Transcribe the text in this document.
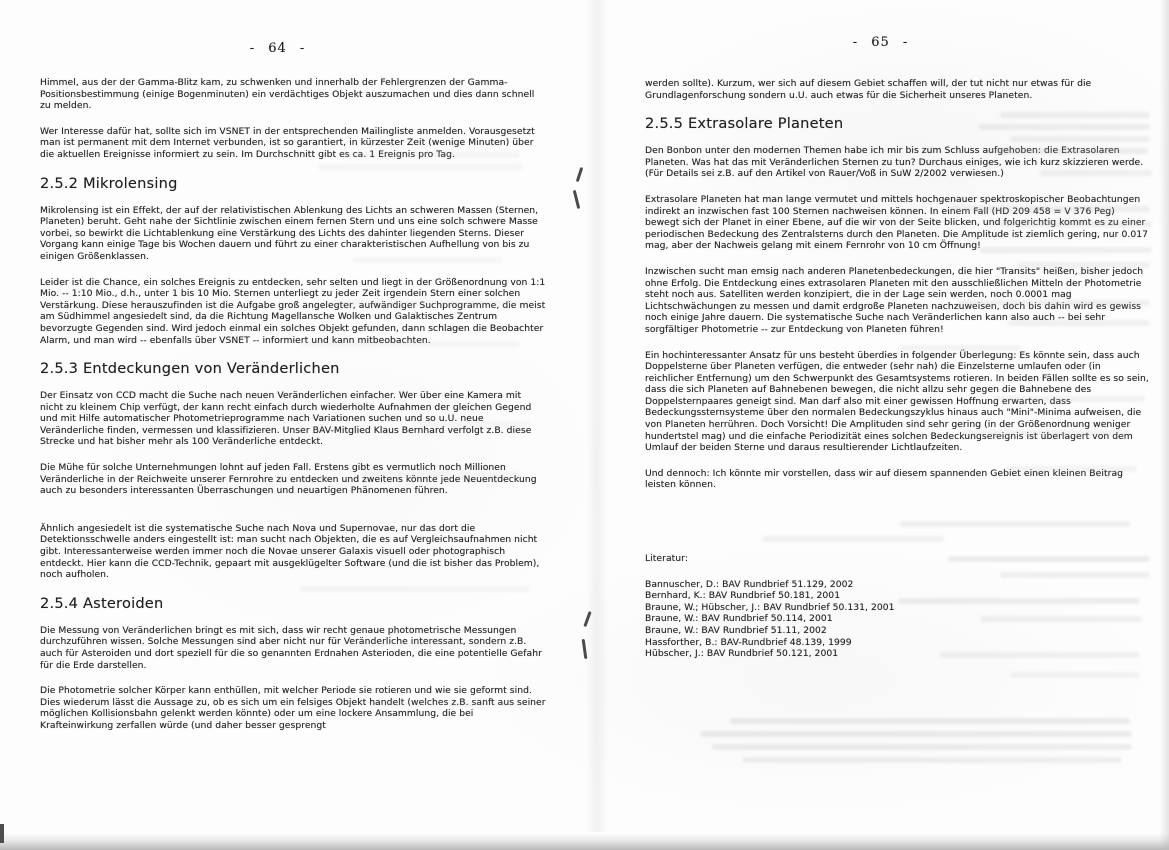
- 64 -
Himmel, aus der der Gamma-Blitz kam, zu schwenken und innerhalb der Fehlergrenzen der Gamma-Positionsbestimmung (einige Bogenminuten) ein verdächtiges Objekt auszumachen und dies dann schnell zu melden.
Wer Interesse dafür hat, sollte sich im VSNET in der entsprechenden Mailingliste anmelden. Vorausgesetzt man ist permanent mit dem Internet verbunden, ist so garantiert, in kürzester Zeit (wenige Minuten) über die aktuellen Ereignisse informiert zu sein. Im Durchschnitt gibt es ca. 1 Ereignis pro Tag.
2.5.2 Mikrolensing
Mikrolensing ist ein Effekt, der auf der relativistischen Ablenkung des Lichts an schweren Massen (Sternen, Planeten) beruht. Geht nahe der Sichtlinie zwischen einem fernen Stern und uns eine solch schwere Masse vorbei, so bewirkt die Lichtablenkung eine Verstärkung des Lichts des dahinter liegenden Sterns. Dieser Vorgang kann einige Tage bis Wochen dauern und führt zu einer charakteristischen Aufhellung von bis zu einigen Größenklassen.
Leider ist die Chance, ein solches Ereignis zu entdecken, sehr selten und liegt in der Größenordnung von 1:1 Mio. -- 1:10 Mio., d.h., unter 1 bis 10 Mio. Sternen unterliegt zu jeder Zeit irgendein Stern einer solchen Verstärkung. Diese herauszufinden ist die Aufgabe groß angelegter, aufwändiger Suchprogramme, die meist am Südhimmel angesiedelt sind, da die Richtung Magellansche Wolken und Galaktisches Zentrum bevorzugte Gegenden sind. Wird jedoch einmal ein solches Objekt gefunden, dann schlagen die Beobachter Alarm, und man wird -- ebenfalls über VSNET -- informiert und kann mitbeobachten.
2.5.3 Entdeckungen von Veränderlichen
Der Einsatz von CCD macht die Suche nach neuen Veränderlichen einfacher. Wer über eine Kamera mit nicht zu kleinem Chip verfügt, der kann recht einfach durch wiederholte Aufnahmen der gleichen Gegend und mit Hilfe automatischer Photometrieprogramme nach Variationen suchen und so u.U. neue Veränderliche finden, vermessen und klassifizieren. Unser BAV-Mitglied Klaus Bernhard verfolgt z.B. diese Strecke und hat bisher mehr als 100 Veränderliche entdeckt.
Die Mühe für solche Unternehmungen lohnt auf jeden Fall. Erstens gibt es vermutlich noch Millionen Veränderliche in der Reichweite unserer Fernrohre zu entdecken und zweitens könnte jede Neuentdeckung auch zu besonders interessanten Überraschungen und neuartigen Phänomenen führen.
Ähnlich angesiedelt ist die systematische Suche nach Nova und Supernovae, nur das dort die Detektionsschwelle anders eingestellt ist: man sucht nach Objekten, die es auf Vergleichsaufnahmen nicht gibt. Interessanterweise werden immer noch die Novae unserer Galaxis visuell oder photographisch entdeckt. Hier kann die CCD-Technik, gepaart mit ausgeklügelter Software (und die ist bisher das Problem), noch aufholen.
2.5.4 Asteroiden
Die Messung von Veränderlichen bringt es mit sich, dass wir recht genaue photometrische Messungen durchzuführen wissen. Solche Messungen sind aber nicht nur für Veränderliche interessant, sondern z.B. auch für Asteroiden und dort speziell für die so genannten Erdnahen Asterioden, die eine potentielle Gefahr für die Erde darstellen.
Die Photometrie solcher Körper kann enthüllen, mit welcher Periode sie rotieren und wie sie geformt sind. Dies wiederum lässt die Aussage zu, ob es sich um ein felsiges Objekt handelt (welches z.B. sanft aus seiner möglichen Kollisionsbahn gelenkt werden könnte) oder um eine lockere Ansammlung, die bei Krafteinwirkung zerfallen würde (und daher besser gesprengt
- 65 -
werden sollte). Kurzum, wer sich auf diesem Gebiet schaffen will, der tut nicht nur etwas für die Grundlagenforschung sondern u.U. auch etwas für die Sicherheit unseres Planeten.
2.5.5 Extrasolare Planeten
Den Bonbon unter den modernen Themen habe ich mir bis zum Schluss aufgehoben: die Extrasolaren Planeten. Was hat das mit Veränderlichen Sternen zu tun? Durchaus einiges, wie ich kurz skizzieren werde. (Für Details sei z.B. auf den Artikel von Rauer/Voß in SuW 2/2002 verwiesen.)
Extrasolare Planeten hat man lange vermutet und mittels hochgenauer spektroskopischer Beobachtungen indirekt an inzwischen fast 100 Sternen nachweisen können. In einem Fall (HD 209 458 = V 376 Peg) bewegt sich der Planet in einer Ebene, auf die wir von der Seite blicken, und folgerichtig kommt es zu einer periodischen Bedeckung des Zentralsterns durch den Planeten. Die Amplitude ist ziemlich gering, nur 0.017 mag, aber der Nachweis gelang mit einem Fernrohr von 10 cm Öffnung!
Inzwischen sucht man emsig nach anderen Planetenbedeckungen, die hier "Transits" heißen, bisher jedoch ohne Erfolg. Die Entdeckung eines extrasolaren Planeten mit den ausschließlichen Mitteln der Photometrie steht noch aus. Satelliten werden konzipiert, die in der Lage sein werden, noch 0.0001 mag Lichtschwächungen zu messen und damit erdgroße Planeten nachzuweisen, doch bis dahin wird es gewiss noch einige Jahre dauern. Die systematische Suche nach Veränderlichen kann also auch -- bei sehr sorgfältiger Photometrie -- zur Entdeckung von Planeten führen!
Ein hochinteressanter Ansatz für uns besteht überdies in folgender Überlegung: Es könnte sein, dass auch Doppelsterne über Planeten verfügen, die entweder (sehr nah) die Einzelsterne umlaufen oder (in reichlicher Entfernung) um den Schwerpunkt des Gesamtsystems rotieren. In beiden Fällen sollte es so sein, dass die sich Planeten auf Bahnebenen bewegen, die nicht allzu sehr gegen die Bahnebene des Doppelsternpaares geneigt sind. Man darf also mit einer gewissen Hoffnung erwarten, dass Bedeckungssternsysteme über den normalen Bedeckungszyklus hinaus auch "Mini"-Minima aufweisen, die von Planeten herrühren. Doch Vorsicht! Die Amplituden sind sehr gering (in der Größenordnung weniger hundertstel mag) und die einfache Periodizität eines solchen Bedeckungsereignis ist überlagert von dem Umlauf der beiden Sterne und daraus resultierender Lichtlaufzeiten.
Und dennoch: Ich könnte mir vorstellen, dass wir auf diesem spannenden Gebiet einen kleinen Beitrag leisten können.
Literatur:
Bannuscher, D.: BAV Rundbrief 51.129, 2002
Bernhard, K.: BAV Rundbrief 50.181, 2001
Braune, W.; Hübscher, J.: BAV Rundbrief 50.131, 2001
Braune, W.: BAV Rundbrief 50.114, 2001
Braune, W.: BAV Rundbrief 51.11, 2002
Hassforther, B.: BAV-Rundbrief 48.139, 1999
Hübscher, J.: BAV Rundbrief 50.121, 2001
